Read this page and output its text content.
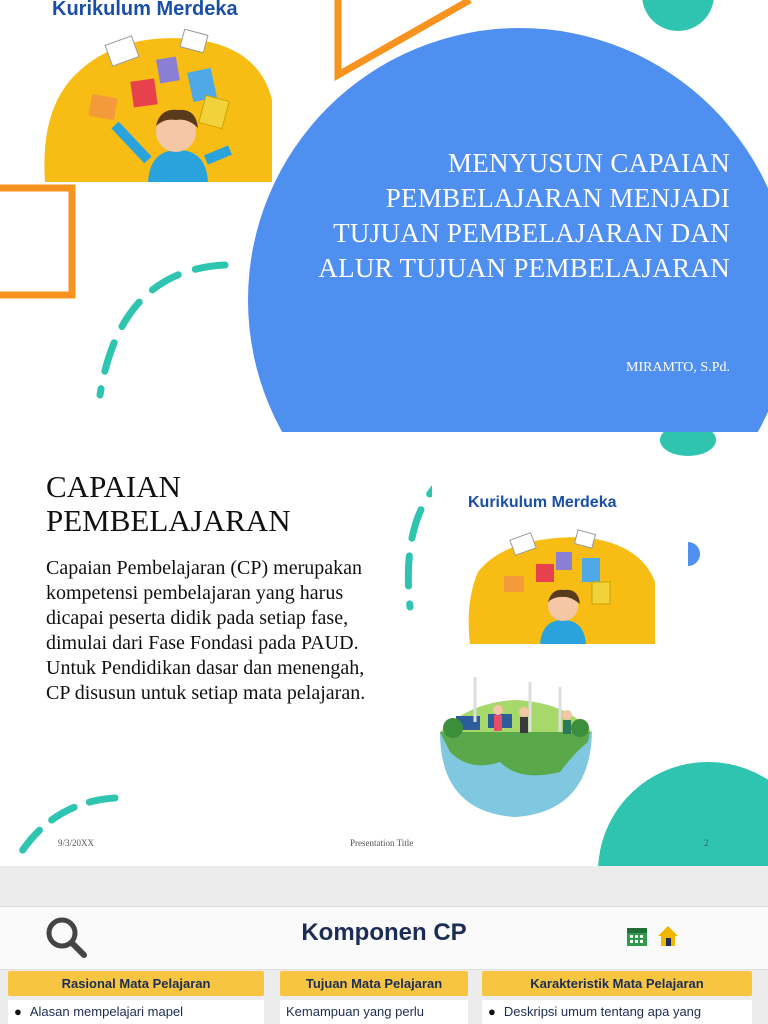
Kurikulum Merdeka
MENYUSUN CAPAIAN PEMBELAJARAN MENJADI TUJUAN PEMBELAJARAN DAN ALUR TUJUAN PEMBELAJARAN
MIRAMTO, S.Pd.
Kurikulum Merdeka
CAPAIAN PEMBELAJARAN
Capaian Pembelajaran (CP) merupakan kompetensi pembelajaran yang harus dicapai peserta didik pada setiap fase, dimulai dari Fase Fondasi pada PAUD. Untuk Pendidikan dasar dan menengah, CP disusun untuk setiap mata pelajaran.
9/3/20XX	Presentation Title	2
Komponen CP
Rasional Mata Pelajaran	Tujuan Mata Pelajaran	Karakteristik Mata Pelajaran
● Alasan mempelajari mapel	Kemampuan yang perlu	● Deskripsi umum tentang apa yang
